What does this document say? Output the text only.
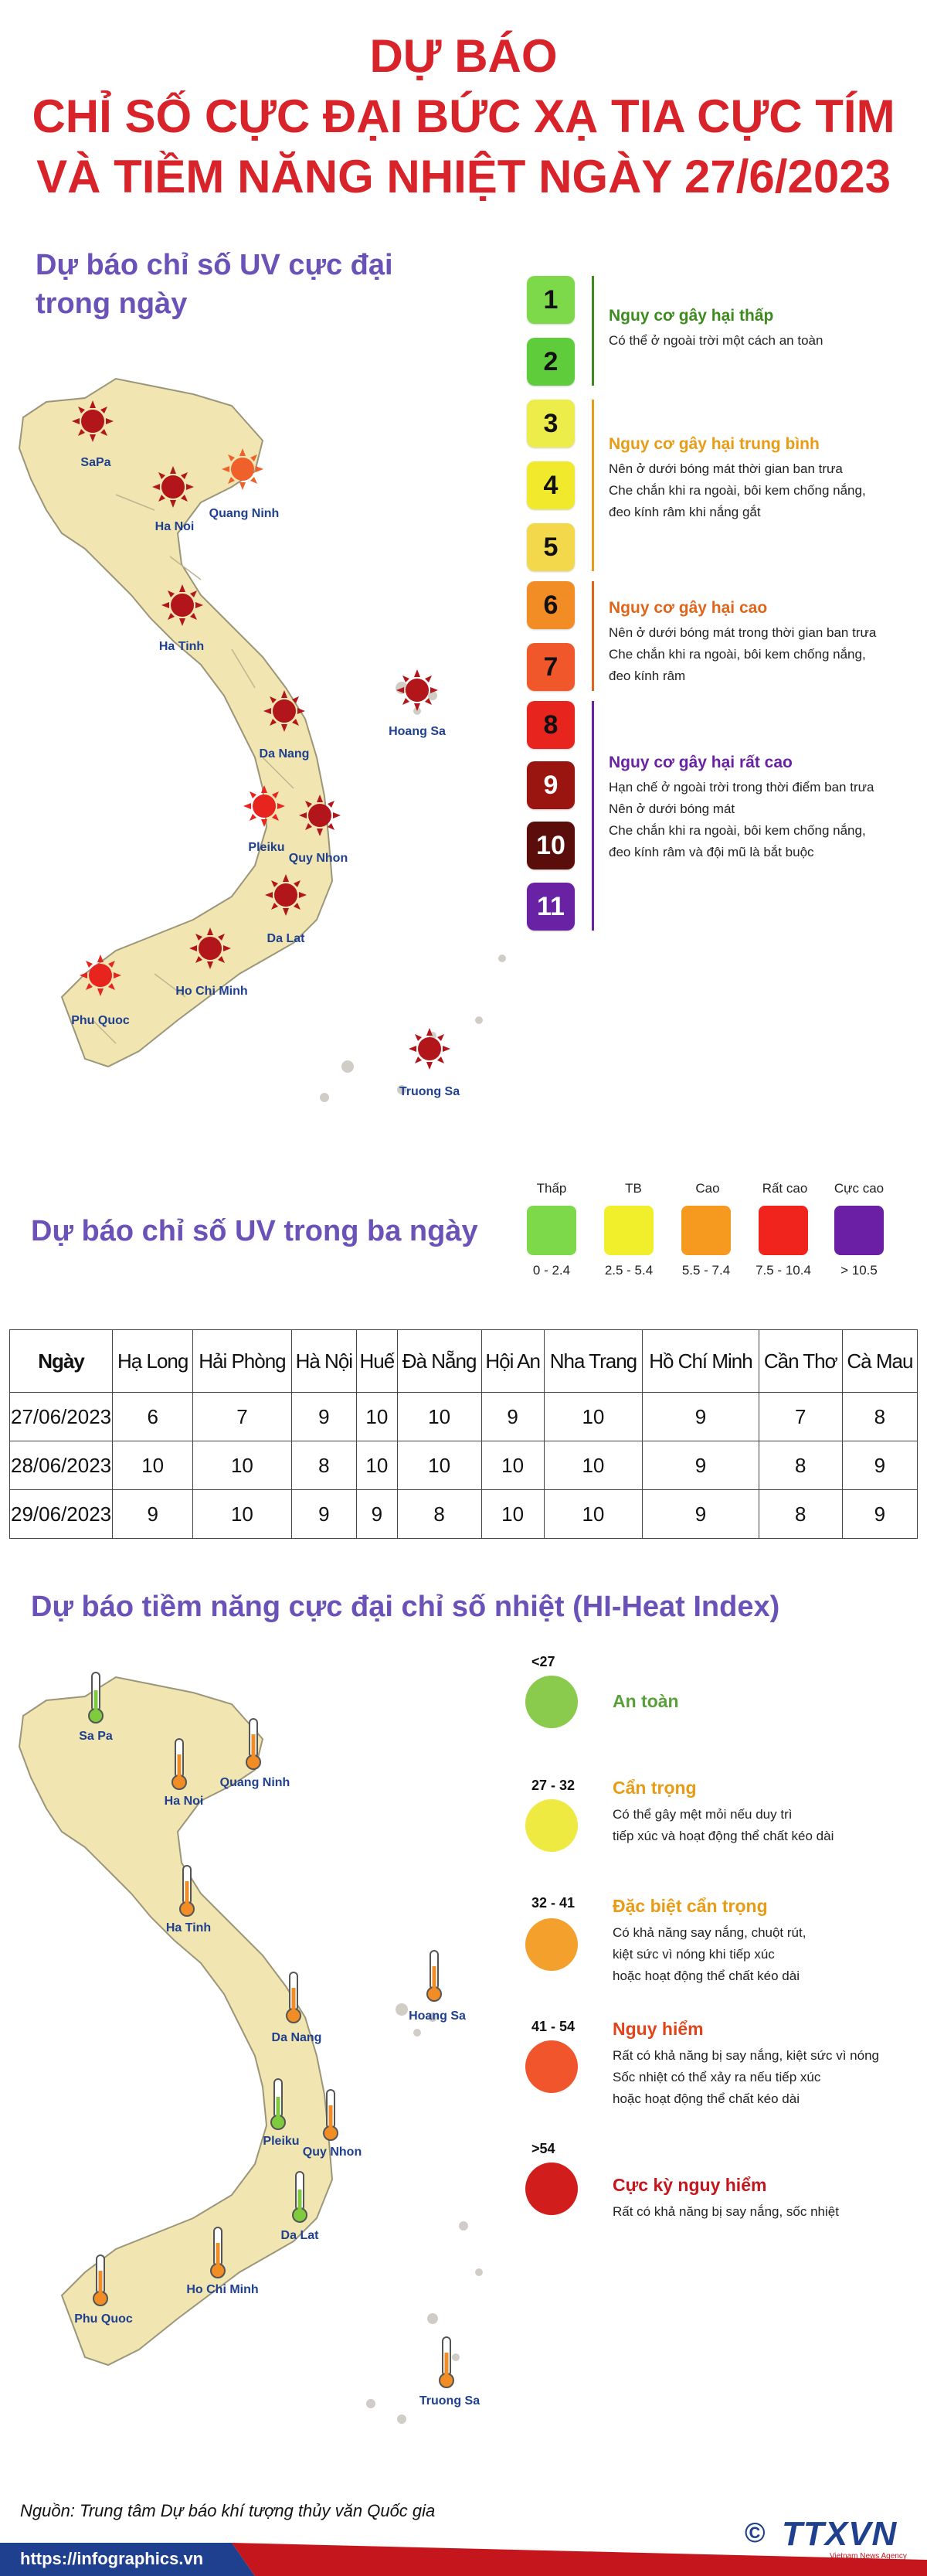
DỰ BÁO
CHỈ SỐ CỰC ĐẠI BỨC XẠ TIA CỰC TÍM
VÀ TIỀM NĂNG NHIỆT NGÀY 27/6/2023
Dự báo chỉ số UV cực đại
trong ngày
SaPa
Ha Noi
Quang Ninh
Ha Tinh
Da Nang
Hoang Sa
Pleiku
Quy Nhon
Da Lat
Ho Chi Minh
Phu Quoc
Truong Sa
1
2
3
4
5
6
7
8
9
10
11
Nguy cơ gây hại thấp
Có thể ở ngoài trời một cách an toàn
Nguy cơ gây hại trung bình
Nên ở dưới bóng mát thời gian ban trưa
Che chắn khi ra ngoài, bôi kem chống nắng,
đeo kính râm khi nắng gắt
Nguy cơ gây hại cao
Nên ở dưới bóng mát trong thời gian ban trưa
Che chắn khi ra ngoài, bôi kem chống nắng,
đeo kính râm
Nguy cơ gây hại rất cao
Hạn chế ở ngoài trời trong thời điểm ban trưa
Nên ở dưới bóng mát
Che chắn khi ra ngoài, bôi kem chống nắng,
đeo kính râm và đội mũ là bắt buộc
Dự báo chỉ số UV trong ba ngày
Thấp	TB	Cao	Rất cao	Cực cao
0 - 2.4	2.5 - 5.4	5.5 - 7.4	7.5 - 10.4	> 10.5
Ngày	Hạ Long	Hải Phòng	Hà Nội	Huế	Đà Nẵng	Hội An	Nha Trang	Hồ Chí Minh	Cần Thơ	Cà Mau
27/06/2023	6	7	9	10	10	9	10	9	7	8
28/06/2023	10	10	8	10	10	10	10	9	8	9
29/06/2023	9	10	9	9	8	10	10	9	8	9
Dự báo tiềm năng cực đại chỉ số nhiệt (HI-Heat Index)
Sa Pa
Ha Noi
Quang Ninh
Ha Tinh
Hoang Sa
Da Nang
Pleiku
Quy Nhon
Da Lat
Ho Chi Minh
Phu Quoc
Truong Sa
<27
An toàn
27 - 32 Cẩn trọng
Có thể gây mệt mỏi nếu duy trì
tiếp xúc và hoạt động thể chất kéo dài
32 - 41 Đặc biệt cẩn trọng
Có khả năng say nắng, chuột rút,
kiệt sức vì nóng khi tiếp xúc
hoặc hoạt động thể chất kéo dài
41 - 54 Nguy hiểm
Rất có khả năng bị say nắng, kiệt sức vì nóng
Sốc nhiệt có thể xảy ra nếu tiếp xúc
hoặc hoạt động thể chất kéo dài
>54
Cực kỳ nguy hiểm
Rất có khả năng bị say nắng, sốc nhiệt
Nguồn: Trung tâm Dự báo khí tượng thủy văn Quốc gia
© TTXVN
Vietnam News Agency
https://infographics.vn
